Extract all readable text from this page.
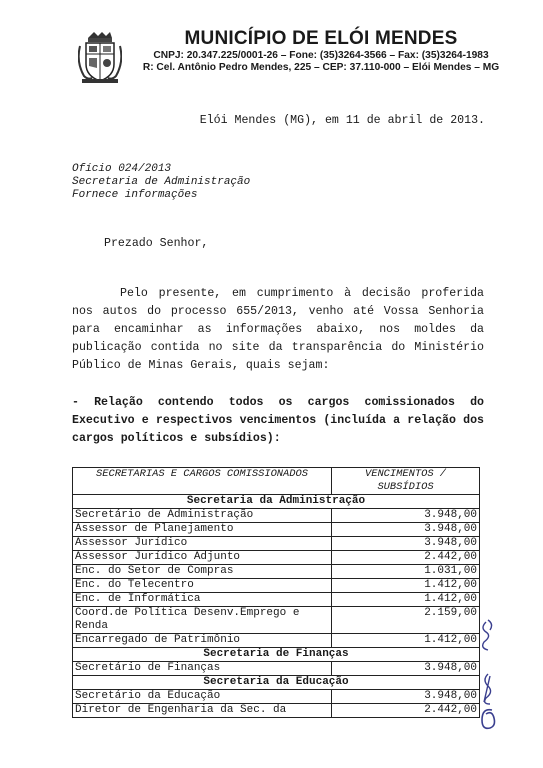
MUNICÍPIO DE ELÓI MENDES
CNPJ: 20.347.225/0001-26 – Fone: (35)3264-3566 – Fax: (35)3264-1983
R: Cel. Antônio Pedro Mendes, 225 – CEP: 37.110-000 – Elói Mendes – MG
Elói Mendes (MG), em 11 de abril de 2013.
Ofício 024/2013
Secretaria de Administração
Fornece informações
Prezado Senhor,
Pelo presente, em cumprimento à decisão proferida nos autos do processo 655/2013, venho até Vossa Senhoria para encaminhar as informações abaixo, nos moldes da publicação contida no site da transparência do Ministério Público de Minas Gerais, quais sejam:
- Relação contendo todos os cargos comissionados do Executivo e respectivos vencimentos (incluída a relação dos cargos políticos e subsídios):
SECRETARIAS E CARGOS COMISSIONADOS	VENCIMENTOS / SUBSÍDIOS
Secretaria da Administração	
Secretário de Administração	3.948,00
Assessor de Planejamento	3.948,00
Assessor Jurídico	3.948,00
Assessor Jurídico Adjunto	2.442,00
Enc. do Setor de Compras	1.031,00
Enc. do Telecentro	1.412,00
Enc. de Informática	1.412,00
Coord.de Política Desenv.Emprego e Renda	2.159,00
Encarregado de Patrimônio	1.412,00
Secretaria de Finanças	
Secretário de Finanças	3.948,00
Secretaria da Educação	
Secretário da Educação	3.948,00
Diretor de Engenharia da Sec. da	2.442,00
